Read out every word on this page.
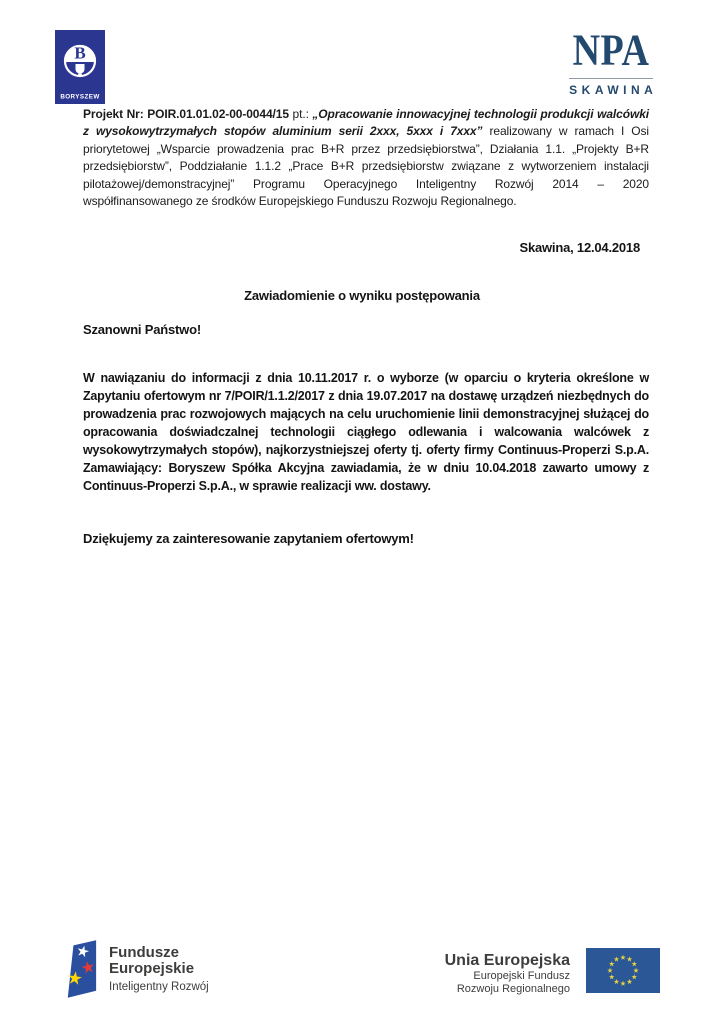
B
BORYSZEW
NPA
SKAWINA

Projekt Nr: POIR.01.01.02-00-0044/15 pt.: „Opracowanie innowacyjnej technologii produkcji walcówki z wysokowytrzymałych stopów aluminium serii 2xxx, 5xxx i 7xxx” realizowany w ramach I Osi priorytetowej „Wsparcie prowadzenia prac B+R przez przedsiębiorstwa”, Działania 1.1. „Projekty B+R przedsiębiorstw”, Poddziałanie 1.1.2 „Prace B+R przedsiębiorstw związane z wytworzeniem instalacji pilotażowej/demonstracyjnej” Programu Operacyjnego Inteligentny Rozwój 2014 – 2020 współfinansowanego ze środków Europejskiego Funduszu Rozwoju Regionalnego.

Skawina, 12.04.2018
Zawiadomienie o wyniku postępowania
Szanowni Państwo!

W nawiązaniu do informacji z dnia 10.11.2017 r. o wyborze (w oparciu o kryteria określone w Zapytaniu ofertowym nr 7/POIR/1.1.2/2017 z dnia 19.07.2017 na dostawę urządzeń niezbędnych do prowadzenia prac rozwojowych mających na celu uruchomienie linii demonstracyjnej służącej do opracowania doświadczalnej technologii ciągłego odlewania i walcowania walcówek z wysokowytrzymałych stopów), najkorzystniejszej oferty tj. oferty firmy Continuus-Properzi S.p.A. Zamawiający: Boryszew Spółka Akcyjna zawiadamia, że w dniu 10.04.2018 zawarto umowy z Continuus-Properzi S.p.A., w sprawie realizacji ww. dostawy.

Dziękujemy za zainteresowanie zapytaniem ofertowym!
Fundusze
Europejskie
Inteligentny Rozwój
Unia Europejska
Europejski Fundusz
Rozwoju Regionalnego
